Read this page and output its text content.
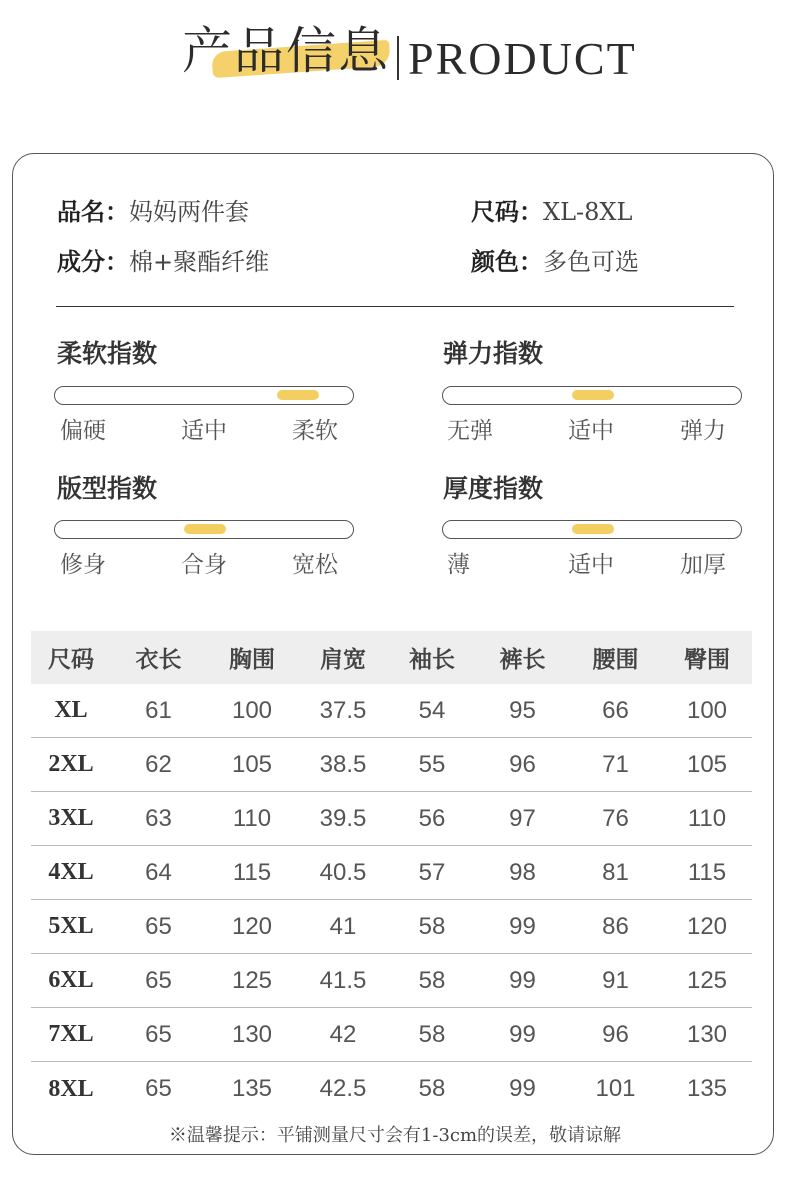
产品信息 PRODUCT
品名：妈妈两件套	尺码：XL-8XL
成分：棉+聚酯纤维	颜色：多色可选
柔软指数
偏硬	适中	柔软
弹力指数
无弹	适中	弹力
版型指数
修身	合身	宽松
厚度指数
薄	适中	加厚
尺码	衣长	胸围	肩宽	袖长	裤长	腰围	臀围
XL	61	100	37.5	54	95	66	100
2XL	62	105	38.5	55	96	71	105
3XL	63	110	39.5	56	97	76	110
4XL	64	115	40.5	57	98	81	115
5XL	65	120	41	58	99	86	120
6XL	65	125	41.5	58	99	91	125
7XL	65	130	42	58	99	96	130
8XL	65	135	42.5	58	99	101	135
※温馨提示：平铺测量尺寸会有1-3cm的误差，敬请谅解
